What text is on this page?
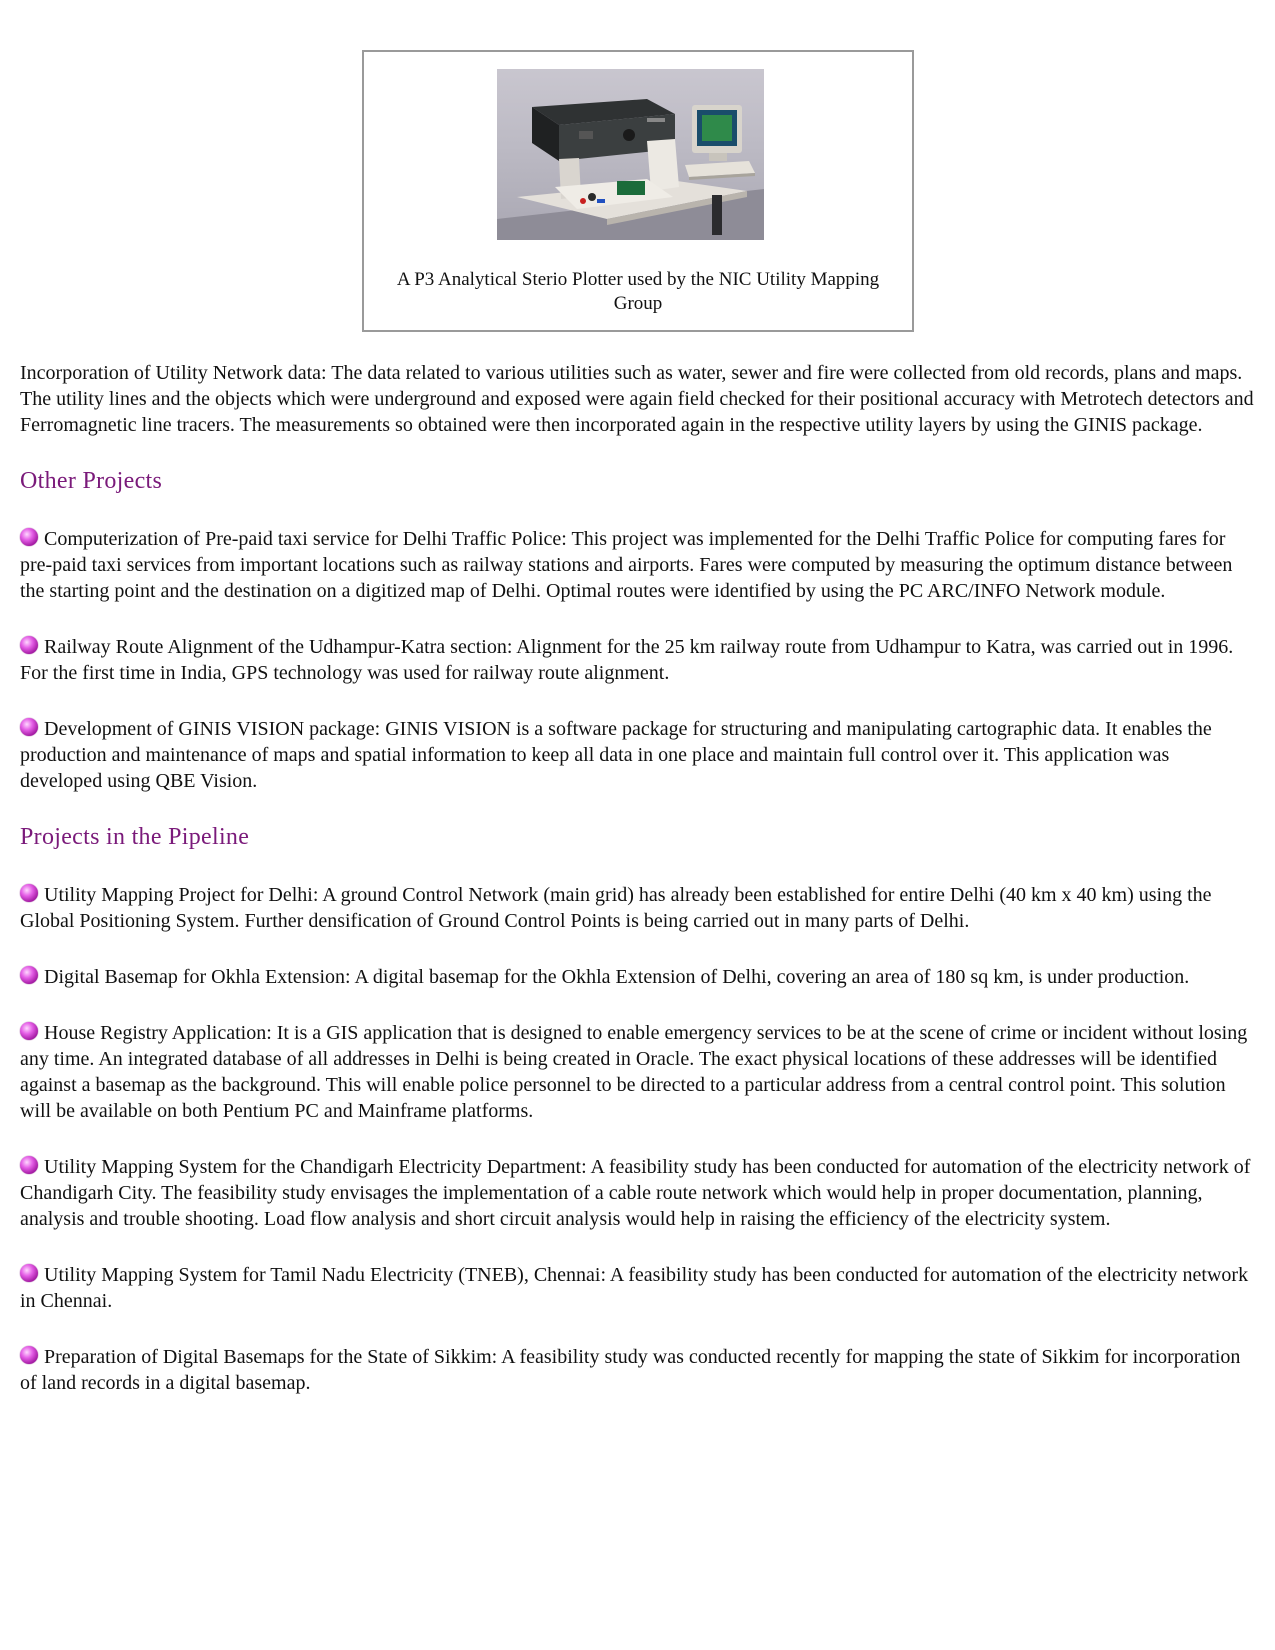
A P3 Analytical Sterio Plotter used by the NIC Utility Mapping Group

Incorporation of Utility Network data: The data related to various utilities such as water, sewer and fire were collected from old records, plans and maps. The utility lines and the objects which were underground and exposed were again field checked for their positional accuracy with Metrotech detectors and Ferromagnetic line tracers. The measurements so obtained were then incorporated again in the respective utility layers by using the GINIS package.

Other Projects

Computerization of Pre-paid taxi service for Delhi Traffic Police: This project was implemented for the Delhi Traffic Police for computing fares for pre-paid taxi services from important locations such as railway stations and airports. Fares were computed by measuring the optimum distance between the starting point and the destination on a digitized map of Delhi. Optimal routes were identified by using the PC ARC/INFO Network module.

Railway Route Alignment of the Udhampur-Katra section: Alignment for the 25 km railway route from Udhampur to Katra, was carried out in 1996. For the first time in India, GPS technology was used for railway route alignment.

Development of GINIS VISION package: GINIS VISION is a software package for structuring and manipulating cartographic data. It enables the production and maintenance of maps and spatial information to keep all data in one place and maintain full control over it. This application was developed using QBE Vision.

Projects in the Pipeline

Utility Mapping Project for Delhi: A ground Control Network (main grid) has already been established for entire Delhi (40 km x 40 km) using the Global Positioning System. Further densification of Ground Control Points is being carried out in many parts of Delhi.

Digital Basemap for Okhla Extension: A digital basemap for the Okhla Extension of Delhi, covering an area of 180 sq km, is under production.

House Registry Application: It is a GIS application that is designed to enable emergency services to be at the scene of crime or incident without losing any time. An integrated database of all addresses in Delhi is being created in Oracle. The exact physical locations of these addresses will be identified against a basemap as the background. This will enable police personnel to be directed to a particular address from a central control point. This solution will be available on both Pentium PC and Mainframe platforms.

Utility Mapping System for the Chandigarh Electricity Department: A feasibility study has been conducted for automation of the electricity network of Chandigarh City. The feasibility study envisages the implementation of a cable route network which would help in proper documentation, planning, analysis and trouble shooting. Load flow analysis and short circuit analysis would help in raising the efficiency of the electricity system.

Utility Mapping System for Tamil Nadu Electricity (TNEB), Chennai: A feasibility study has been conducted for automation of the electricity network in Chennai.

Preparation of Digital Basemaps for the State of Sikkim: A feasibility study was conducted recently for mapping the state of Sikkim for incorporation of land records in a digital basemap.
